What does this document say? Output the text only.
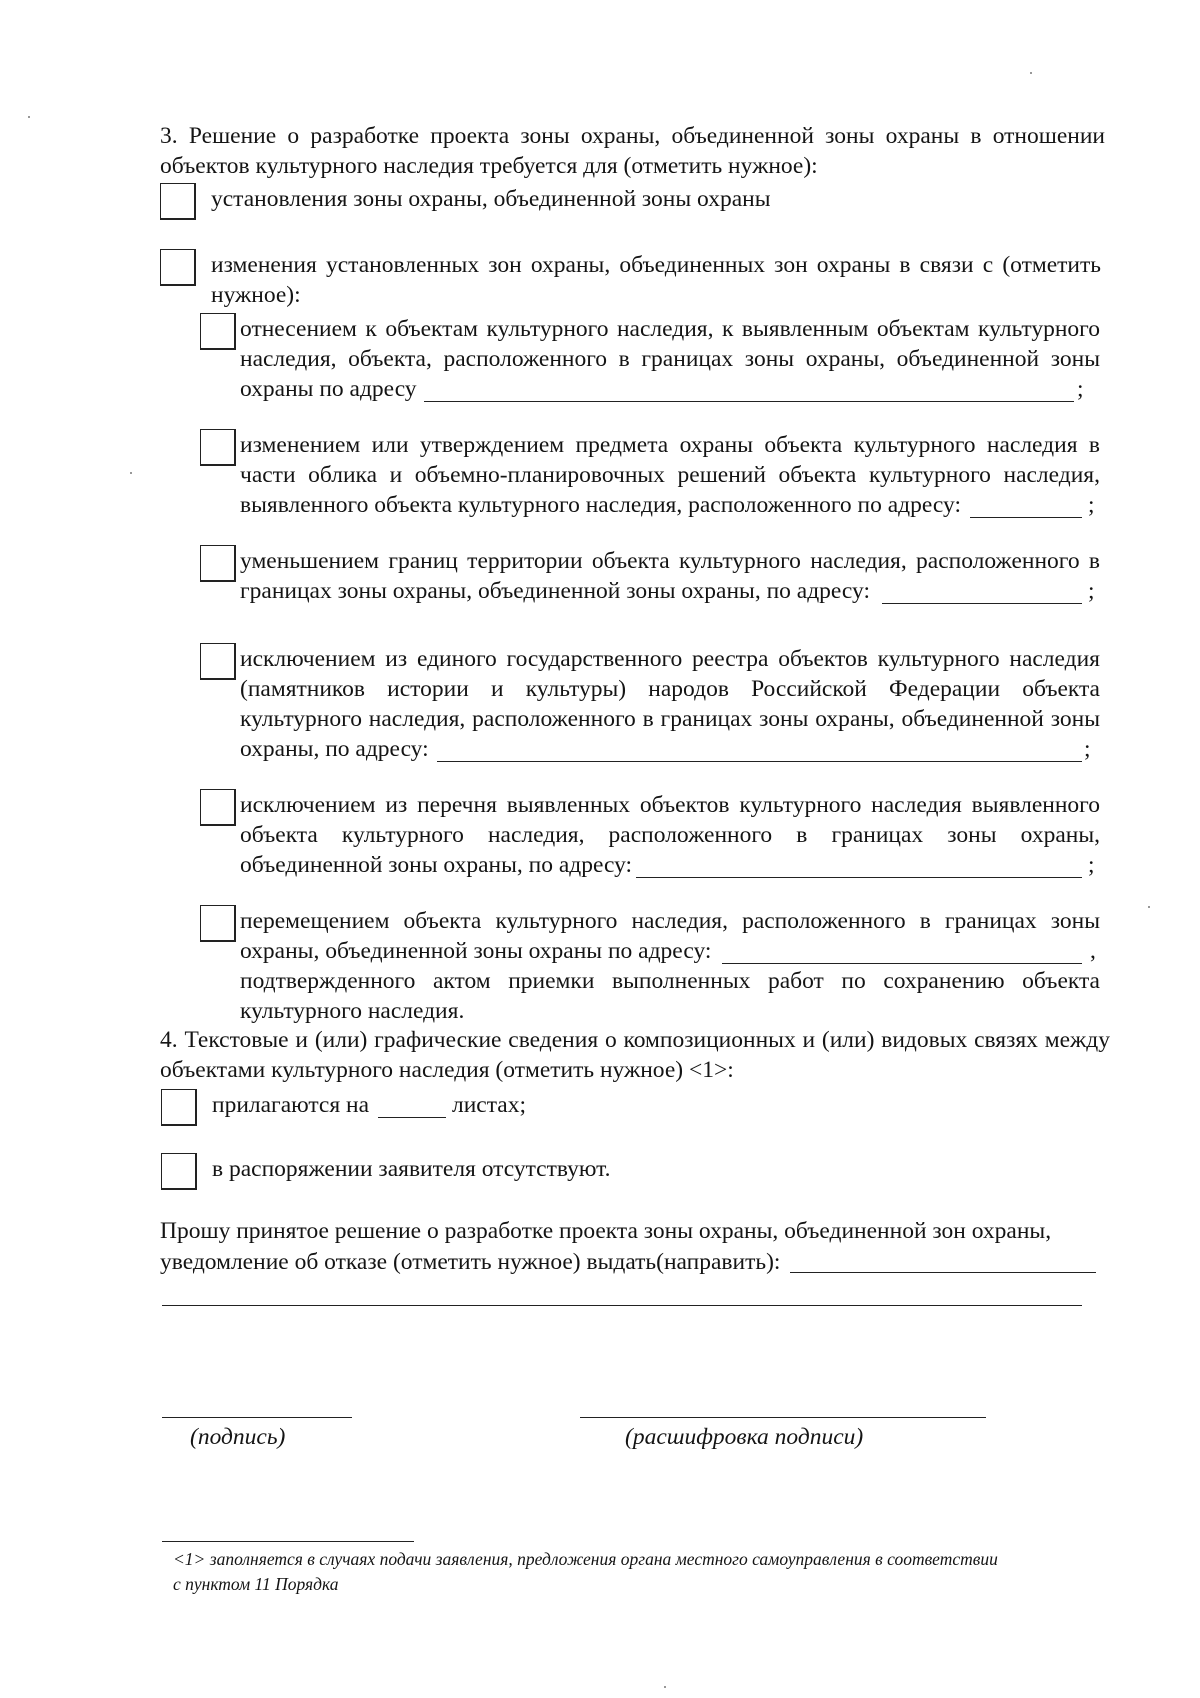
3. Решение о разработке проекта зоны охраны, объединенной зоны охраны в отношении
объектов культурного наследия требуется для (отметить нужное):
установления зоны охраны, объединенной зоны охраны
изменения установленных зон охраны, объединенных зон охраны в связи с (отметить
нужное):
отнесением к объектам культурного наследия, к выявленным объектам культурного
наследия, объекта, расположенного в границах зоны охраны, объединенной зоны
охраны по адресу	;
изменением или утверждением предмета охраны объекта культурного наследия в
части облика и объемно-планировочных решений объекта культурного наследия,
выявленного объекта культурного наследия, расположенного по адресу:	;
уменьшением границ территории объекта культурного наследия, расположенного в
границах зоны охраны, объединенной зоны охраны, по адресу:	;
исключением из единого государственного реестра объектов культурного наследия
(памятников истории и культуры) народов Российской Федерации объекта
культурного наследия, расположенного в границах зоны охраны, объединенной зоны
охраны, по адресу:	;
исключением из перечня выявленных объектов культурного наследия выявленного
объекта культурного наследия, расположенного в границах зоны охраны,
объединенной зоны охраны, по адресу:	;
перемещением объекта культурного наследия, расположенного в границах зоны
охраны, объединенной зоны охраны по адресу:	,
подтвержденного актом приемки выполненных работ по сохранению объекта
культурного наследия.
4. Текстовые и (или) графические сведения о композиционных и (или) видовых связях между
объектами культурного наследия (отметить нужное) <1>:
прилагаются на	листах;
в распоряжении заявителя отсутствуют.
Прошу принятое решение о разработке проекта зоны охраны, объединенной зон охраны,
уведомление об отказе (отметить нужное) выдать(направить):
(подпись)	(расшифровка подписи)
<1> заполняется в случаях подачи заявления, предложения органа местного самоуправления в соответствии
с пунктом 11 Порядка
